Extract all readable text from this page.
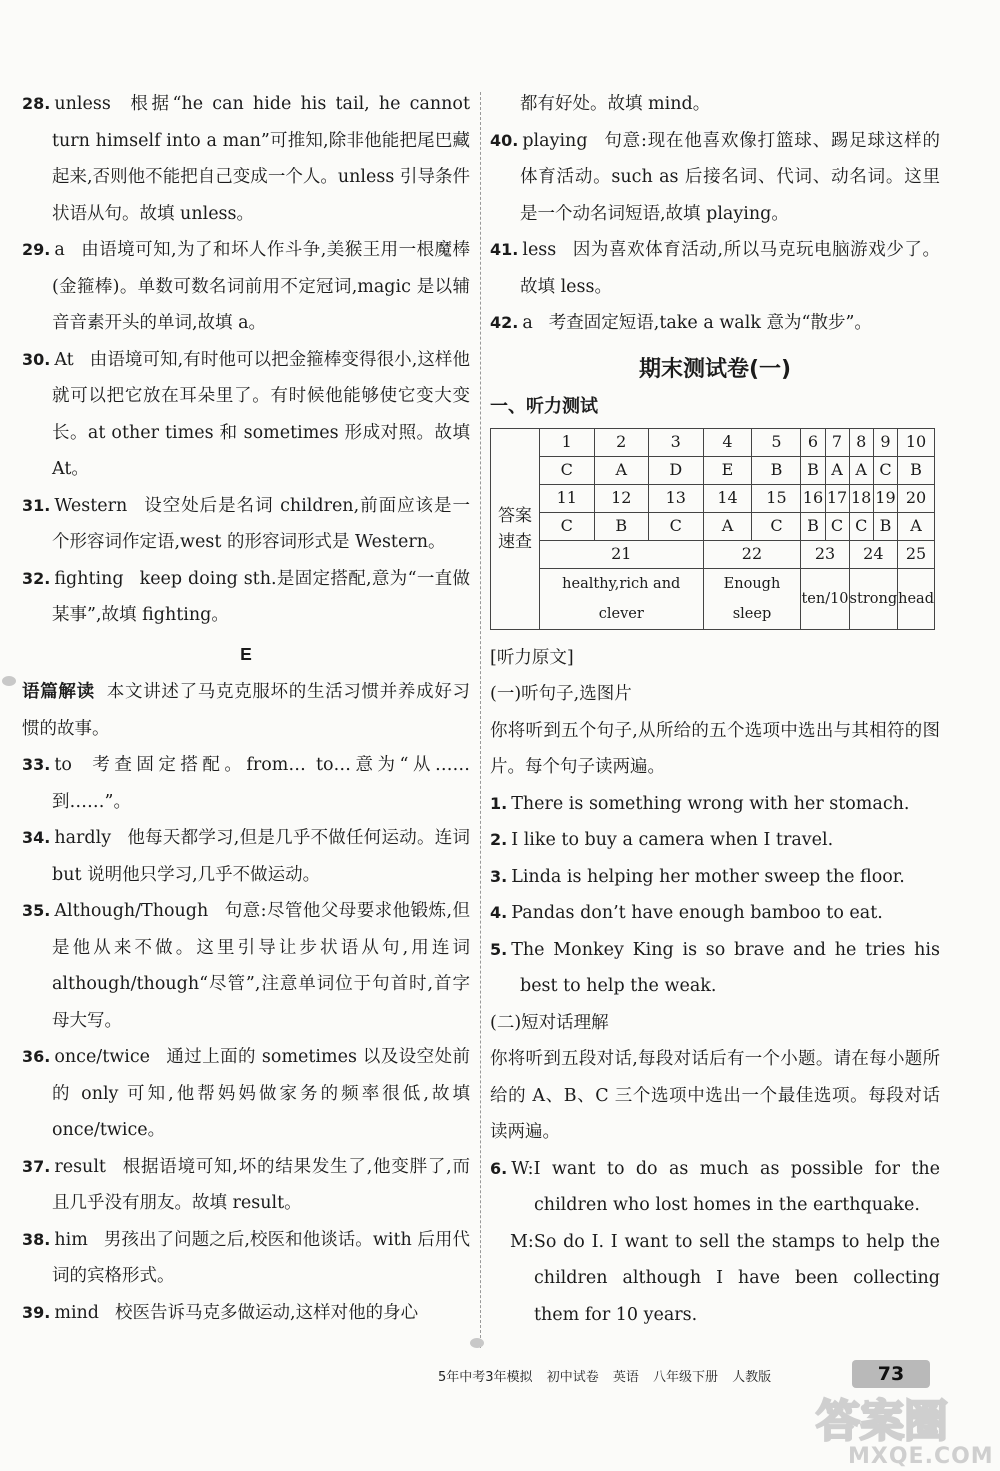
28. unless 根据“he can hide his tail, he cannot turn himself into a man”可推知,除非他能把尾巴藏起来,否则他不能把自己变成一个人。unless 引导条件状语从句。故填 unless。

29. a 由语境可知,为了和坏人作斗争,美猴王用一根魔棒(金箍棒)。单数可数名词前用不定冠词,magic 是以辅音音素开头的单词,故填 a。

30. At 由语境可知,有时他可以把金箍棒变得很小,这样他就可以把它放在耳朵里了。有时候他能够使它变大变长。at other times 和 sometimes 形成对照。故填 At。

31. Western 设空处后是名词 children,前面应该是一个形容词作定语,west 的形容词形式是 Western。

32. fighting keep doing sth.是固定搭配,意为“一直做某事”,故填 fighting。

E

语篇解读 本文讲述了马克克服坏的生活习惯并养成好习惯的故事。

33. to 考查固定搭配。from… to…意为“从……到……”。

34. hardly 他每天都学习,但是几乎不做任何运动。连词 but 说明他只学习,几乎不做运动。

35. Although/Though 句意:尽管他父母要求他锻炼,但是他从来不做。这里引导让步状语从句,用连词 although/though“尽管”,注意单词位于句首时,首字母大写。

36. once/twice 通过上面的 sometimes 以及设空处前的 only 可知,他帮妈妈做家务的频率很低,故填 once/twice。

37. result 根据语境可知,坏的结果发生了,他变胖了,而且几乎没有朋友。故填 result。

38. him 男孩出了问题之后,校医和他谈话。with 后用代词的宾格形式。

39. mind 校医告诉马克多做运动,这样对他的身心

都有好处。故填 mind。

40. playing 句意:现在他喜欢像打篮球、踢足球这样的体育活动。such as 后接名词、代词、动名词。这里是一个动名词短语,故填 playing。

41. less 因为喜欢体育活动,所以马克玩电脑游戏少了。故填 less。

42. a 考查固定短语,take a walk 意为“散步”。

期末测试卷(一)
一、听力测试
答案速查	1	2	3	4	5	6	7	8	9	10
	C	A	D	E	B	B	A	A	C	B
	11	12	13	14	15	16	17	18	19	20
	C	B	C	A	C	B	C	C	B	A
	21			22		23		24		25
	healthy,rich and clever			Enough sleep		ten/10		strong		head

[听力原文]

(一)听句子,选图片

你将听到五个句子,从所给的五个选项中选出与其相符的图片。每个句子读两遍。

1. There is something wrong with her stomach.

2. I like to buy a camera when I travel.

3. Linda is helping her mother sweep the floor.

4. Pandas don’t have enough bamboo to eat.

5. The Monkey King is so brave and he tries his best to help the weak.

(二)短对话理解

你将听到五段对话,每段对话后有一个小题。请在每小题所给的 A、B、C 三个选项中选出一个最佳选项。每段对话读两遍。

6. W:I want to do as much as possible for the children who lost homes in the earthquake.

M:So do I. I want to sell the stamps to help the children although I have been collecting them for 10 years.

5年中考3年模拟 初中试卷 英语 八年级下册 人教版	73
答案圈
MXQE.COM
